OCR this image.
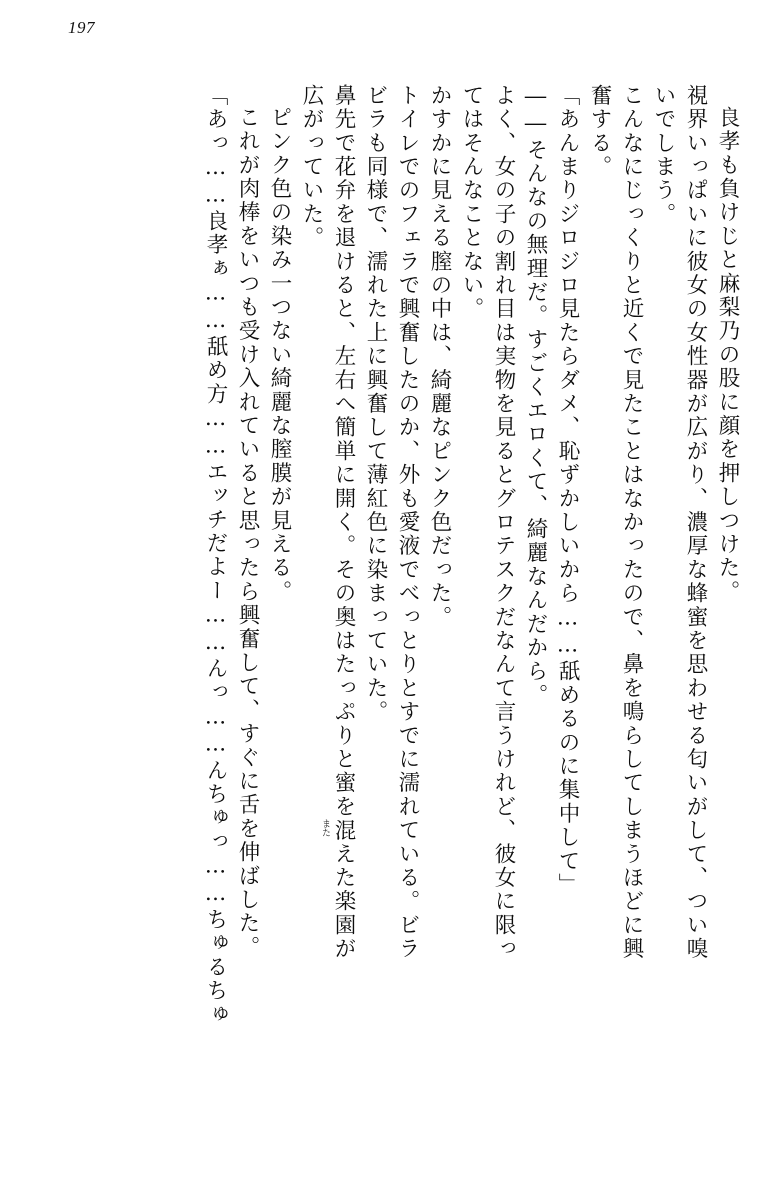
197
良孝も負けじと麻梨乃の股に顔を押しつけた。
視界いっぱいに彼女の女性器が広がり、濃厚な蜂蜜を思わせる匂いがして、つい嗅
いでしまう。
こんなにじっくりと近くで見たことはなかったので、鼻を鳴らしてしまうほどに興
奮する。
「あんまりジロジロ見たらダメ、恥ずかしいから……舐めるのに集中して」
――そんなの無理だ。すごくエロくて、綺麗なんだから。
よく、女の子の割れ目は実物を見るとグロテスクだなんて言うけれど、彼女に限っ
てはそんなことない。
かすかに見える膣の中は、綺麗なピンク色だった。
トイレでのフェラで興奮したのか、外も愛液でべっとりとすでに濡れている。ビラ
ビラも同様で、濡れた上に興奮して薄紅色に染まっていた。
鼻先で花弁を退けると、左右へ簡単に開く。その奥はたっぷりと蜜を混
また
えた楽園が
広がっていた。
ピンク色の染み一つない綺麗な膣膜が見える。
これが肉棒をいつも受け入れていると思ったら興奮して、すぐに舌を伸ばした。
「あっ……良孝ぁ……舐め方……エッチだよー……んっ……んちゅっ……ちゅるちゅ
